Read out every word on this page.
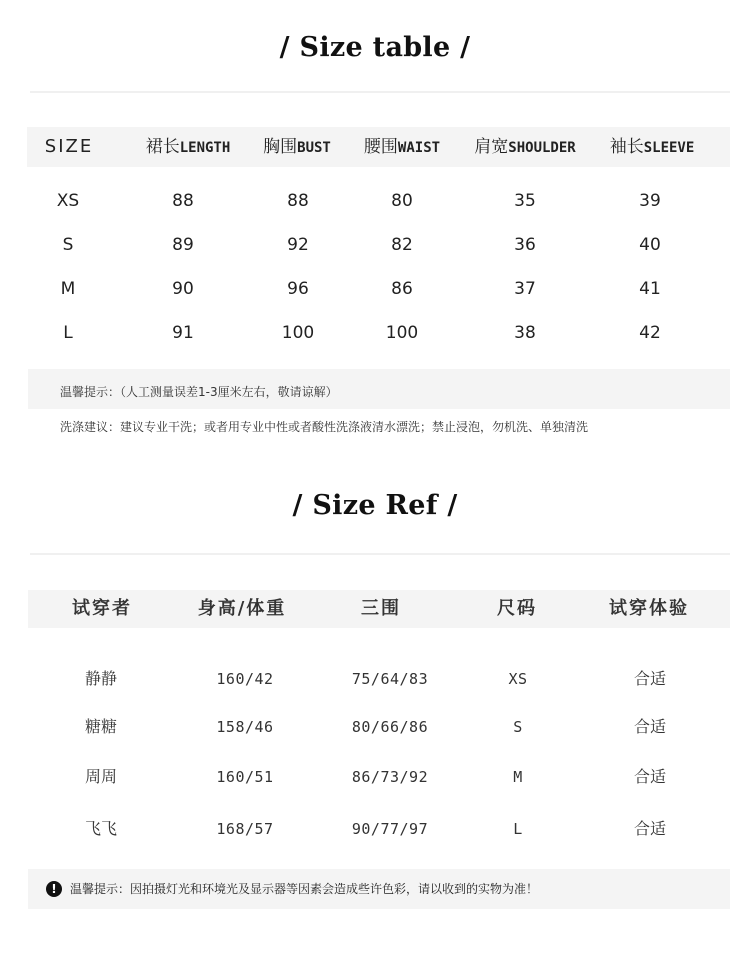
/ Size table /
SIZE	裙长LENGTH 胸围BUST 腰围WAIST 肩宽SHOULDER 袖长SLEEVE
XS	88	88	80	35	39
S	89	92	82	36	40
M	90	96	86	37	41
L	91	100	100	38	42
温馨提示：（人工测量误差1-3厘米左右，敬请谅解）
洗涤建议：建议专业干洗；或者用专业中性或者酸性洗涤液清水漂洗；禁止浸泡，勿机洗、单独清洗
/ Size Ref /
试穿者	身高/体重	三围	尺码	试穿体验
静静	160/42	75/64/83	XS	合适
糖糖	158/46	80/66/86	S	合适
周周	160/51	86/73/92	M	合适
飞飞	168/57	90/77/97	L	合适
!	温馨提示：因拍摄灯光和环境光及显示器等因素会造成些许色彩，请以收到的实物为准！
